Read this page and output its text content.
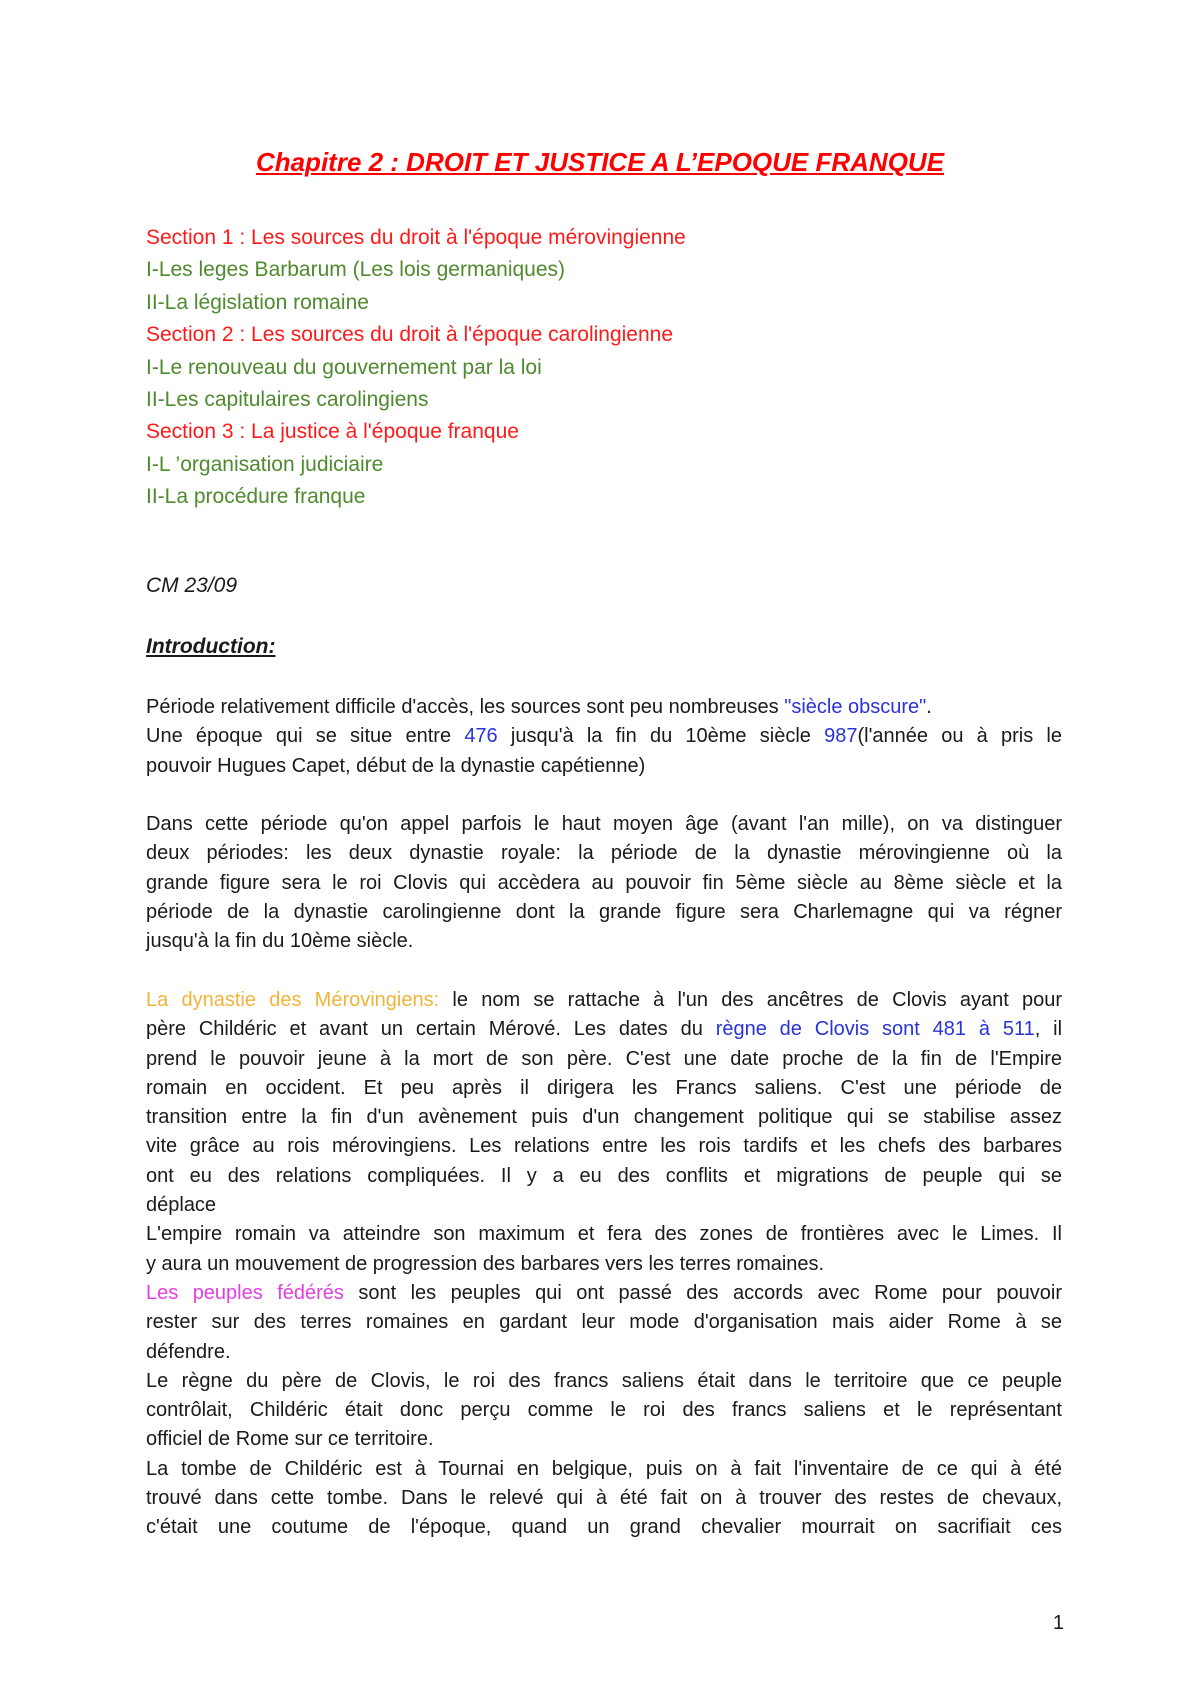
Chapitre 2 : DROIT ET JUSTICE A L’EPOQUE FRANQUE
Section 1 : Les sources du droit à l'époque mérovingienne
I-Les leges Barbarum (Les lois germaniques)
II-La législation romaine
Section 2 : Les sources du droit à l'époque carolingienne
I-Le renouveau du gouvernement par la loi
II-Les capitulaires carolingiens
Section 3 : La justice à l'époque franque
I-L ’organisation judiciaire
II-La procédure franque
CM 23/09
Introduction:
Période relativement difficile d'accès, les sources sont peu nombreuses "siècle obscure".
Une époque qui se situe entre 476 jusqu'à la fin du 10ème siècle 987(l'année ou à pris le
pouvoir Hugues Capet, début de la dynastie capétienne)
Dans cette période qu'on appel parfois le haut moyen âge (avant l'an mille), on va distinguer
deux périodes: les deux dynastie royale: la période de la dynastie mérovingienne où la
grande figure sera le roi Clovis qui accèdera au pouvoir fin 5ème siècle au 8ème siècle et la
période de la dynastie carolingienne dont la grande figure sera Charlemagne qui va régner
jusqu'à la fin du 10ème siècle.
La dynastie des Mérovingiens: le nom se rattache à l'un des ancêtres de Clovis ayant pour
père Childéric et avant un certain Mérové. Les dates du règne de Clovis sont 481 à 511, il
prend le pouvoir jeune à la mort de son père. C'est une date proche de la fin de l'Empire
romain en occident. Et peu après il dirigera les Francs saliens. C'est une période de
transition entre la fin d'un avènement puis d'un changement politique qui se stabilise assez
vite grâce au rois mérovingiens. Les relations entre les rois tardifs et les chefs des barbares
ont eu des relations compliquées. Il y a eu des conflits et migrations de peuple qui se
déplace
L'empire romain va atteindre son maximum et fera des zones de frontières avec le Limes. Il
y aura un mouvement de progression des barbares vers les terres romaines.
Les peuples fédérés sont les peuples qui ont passé des accords avec Rome pour pouvoir
rester sur des terres romaines en gardant leur mode d'organisation mais aider Rome à se
défendre.
Le règne du père de Clovis, le roi des francs saliens était dans le territoire que ce peuple
contrôlait, Childéric était donc perçu comme le roi des francs saliens et le représentant
officiel de Rome sur ce territoire.
La tombe de Childéric est à Tournai en belgique, puis on à fait l'inventaire de ce qui à été
trouvé dans cette tombe. Dans le relevé qui à été fait on à trouver des restes de chevaux,
c'était une coutume de l'époque, quand un grand chevalier mourrait on sacrifiait ces
1
